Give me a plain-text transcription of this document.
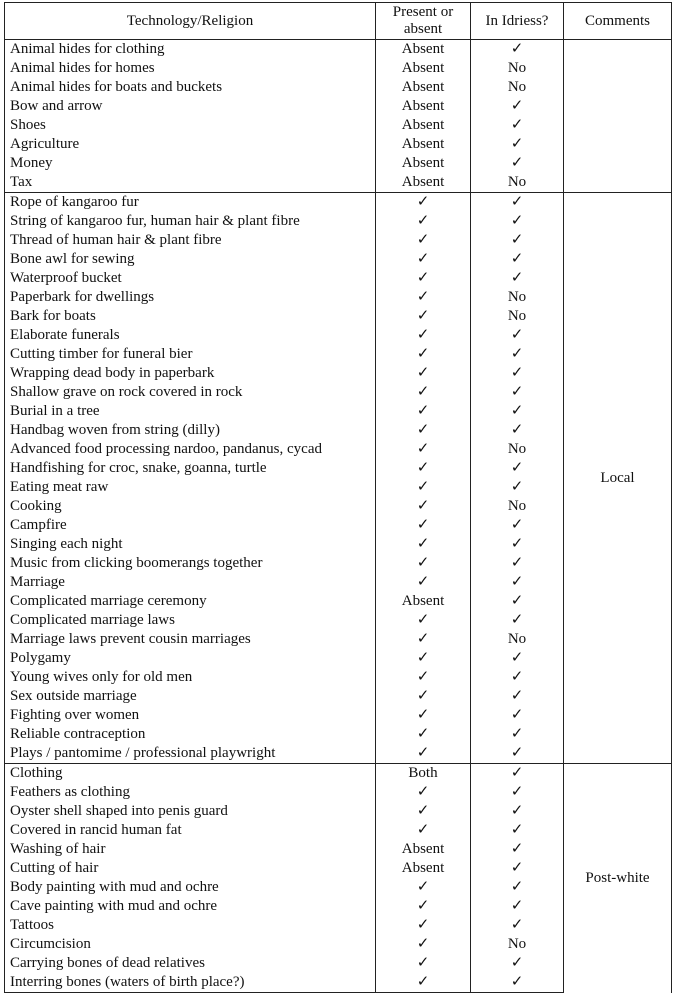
Technology/Religion	Present or absent	In Idriess?	Comments
Animal hides for clothing	Absent	✓	
Animal hides for homes	Absent	No	
Animal hides for boats and buckets	Absent	No	
Bow and arrow	Absent	✓	
Shoes	Absent	✓	
Agriculture	Absent	✓	
Money	Absent	✓	
Tax	Absent	No	
Rope of kangaroo fur	✓	✓	Local
String of kangaroo fur, human hair & plant fibre	✓	✓	
Thread of human hair & plant fibre	✓	✓	
Bone awl for sewing	✓	✓	
Waterproof bucket	✓	✓	
Paperbark for dwellings	✓	No	
Bark for boats	✓	No	
Elaborate funerals	✓	✓	
Cutting timber for funeral bier	✓	✓	
Wrapping dead body in paperbark	✓	✓	
Shallow grave on rock covered in rock	✓	✓	
Burial in a tree	✓	✓	
Handbag woven from string (dilly)	✓	✓	
Advanced food processing nardoo, pandanus, cycad	✓	No	
Handfishing for croc, snake, goanna, turtle	✓	✓	
Eating meat raw	✓	✓	
Cooking	✓	No	
Campfire	✓	✓	
Singing each night	✓	✓	
Music from clicking boomerangs together	✓	✓	
Marriage	✓	✓	
Complicated marriage ceremony	Absent	✓	
Complicated marriage laws	✓	✓	
Marriage laws prevent cousin marriages	✓	No	
Polygamy	✓	✓	
Young wives only for old men	✓	✓	
Sex outside marriage	✓	✓	
Fighting over women	✓	✓	
Reliable contraception	✓	✓	
Plays / pantomime / professional playwright	✓	✓	
Clothing	Both	✓	Post-white
Feathers as clothing	✓	✓	
Oyster shell shaped into penis guard	✓	✓	
Covered in rancid human fat	✓	✓	
Washing of hair	Absent	✓	
Cutting of hair	Absent	✓	
Body painting with mud and ochre	✓	✓	
Cave painting with mud and ochre	✓	✓	
Tattoos	✓	✓	
Circumcision	✓	No	
Carrying bones of dead relatives	✓	✓	
Interring bones (waters of birth place?)	✓	✓	
